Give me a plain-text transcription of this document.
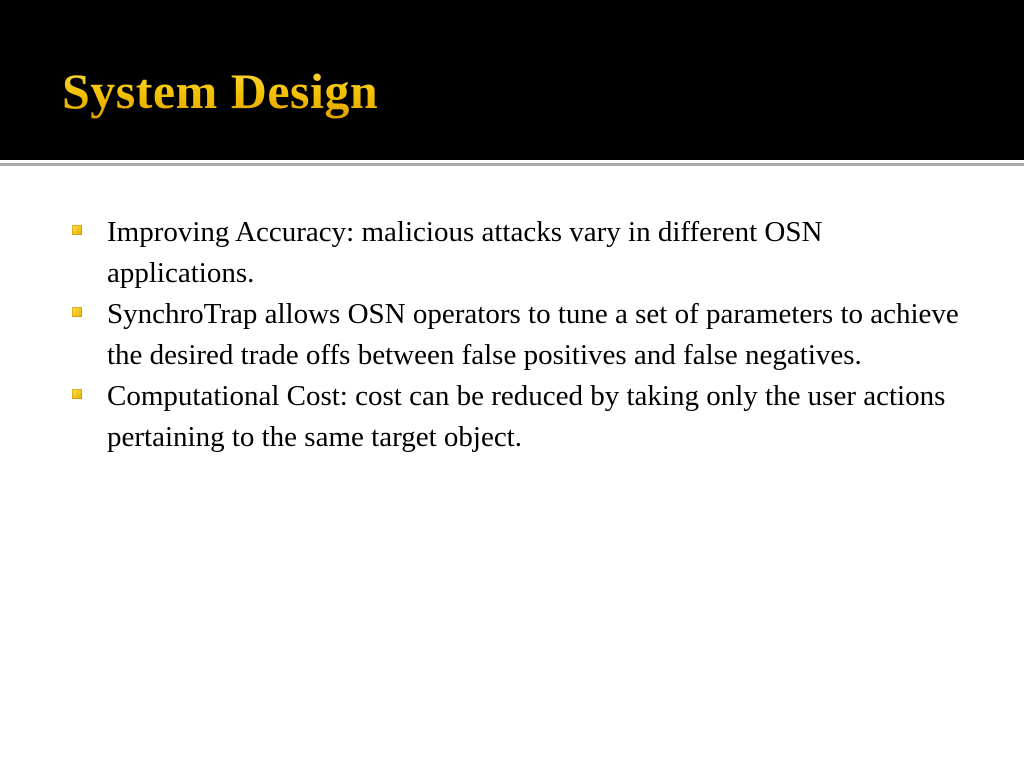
System Design
Improving Accuracy: malicious attacks vary in different OSN applications.
SynchroTrap allows OSN operators to tune a set of parameters to achieve the desired trade offs between false positives and false negatives.
Computational Cost: cost can be reduced by taking only the user actions pertaining to the same target object.
